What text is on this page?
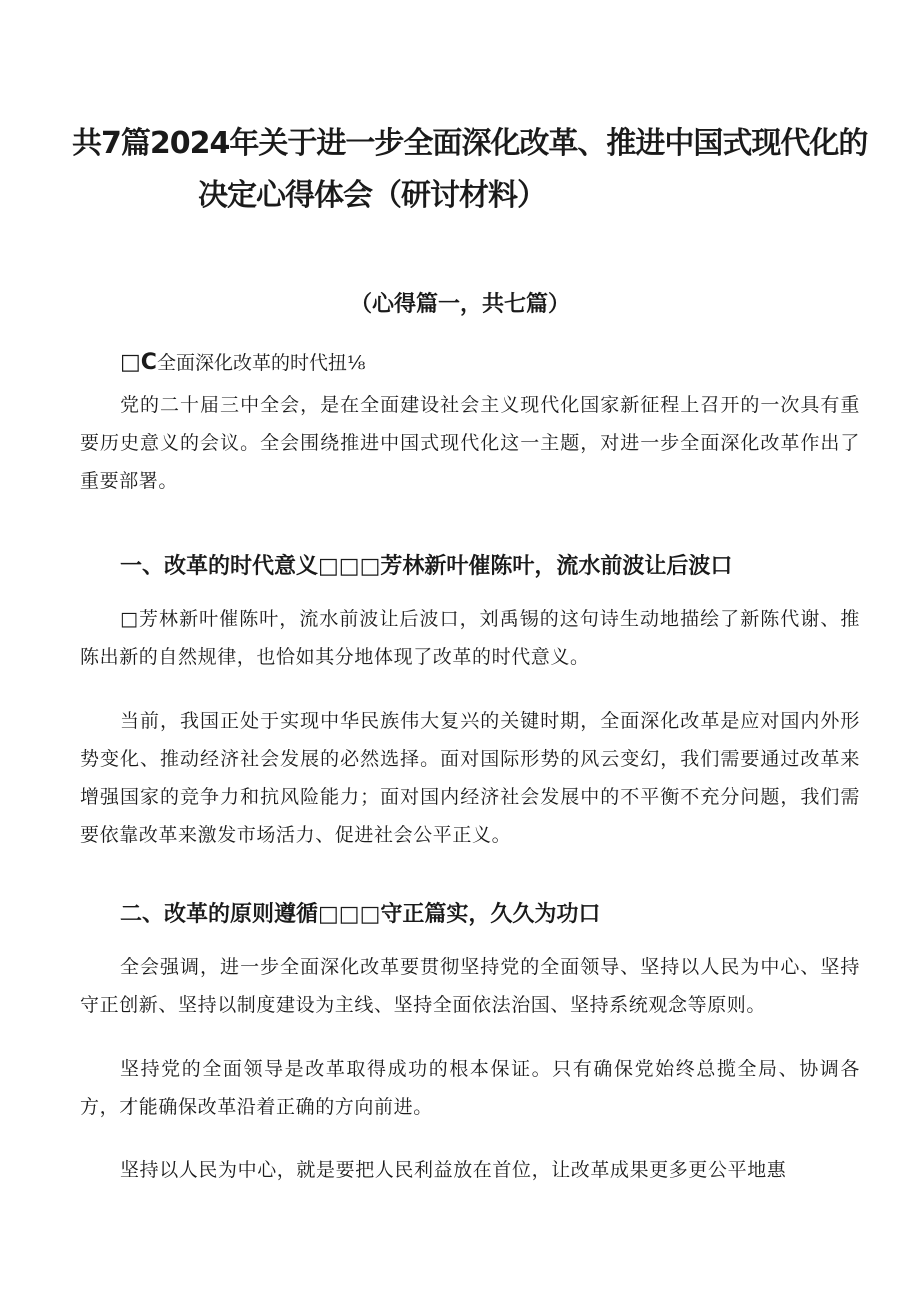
共7篇2024年关于进一步全面深化改革、推进中国式现代化的
决定心得体会（研讨材料）
（心得篇一，共七篇）
□C全面深化改革的时代扭⅛

党的二十届三中全会，是在全面建设社会主义现代化国家新征程上召开的一次具有重要历史意义的会议。全会围绕推进中国式现代化这一主题，对进一步全面深化改革作出了重要部署。

一、改革的时代意义□□□芳林新叶催陈叶，流水前波让后波口

□芳林新叶催陈叶，流水前波让后波口，刘禹锡的这句诗生动地描绘了新陈代谢、推陈出新的自然规律，也恰如其分地体现了改革的时代意义。

当前，我国正处于实现中华民族伟大复兴的关键时期，全面深化改革是应对国内外形势变化、推动经济社会发展的必然选择。面对国际形势的风云变幻，我们需要通过改革来增强国家的竞争力和抗风险能力；面对国内经济社会发展中的不平衡不充分问题，我们需要依靠改革来激发市场活力、促进社会公平正义。

二、改革的原则遵循□□□守正篇实，久久为功口

全会强调，进一步全面深化改革要贯彻坚持党的全面领导、坚持以人民为中心、坚持守正创新、坚持以制度建设为主线、坚持全面依法治国、坚持系统观念等原则。

坚持党的全面领导是改革取得成功的根本保证。只有确保党始终总揽全局、协调各方，才能确保改革沿着正确的方向前进。

坚持以人民为中心，就是要把人民利益放在首位，让改革成果更多更公平地惠
